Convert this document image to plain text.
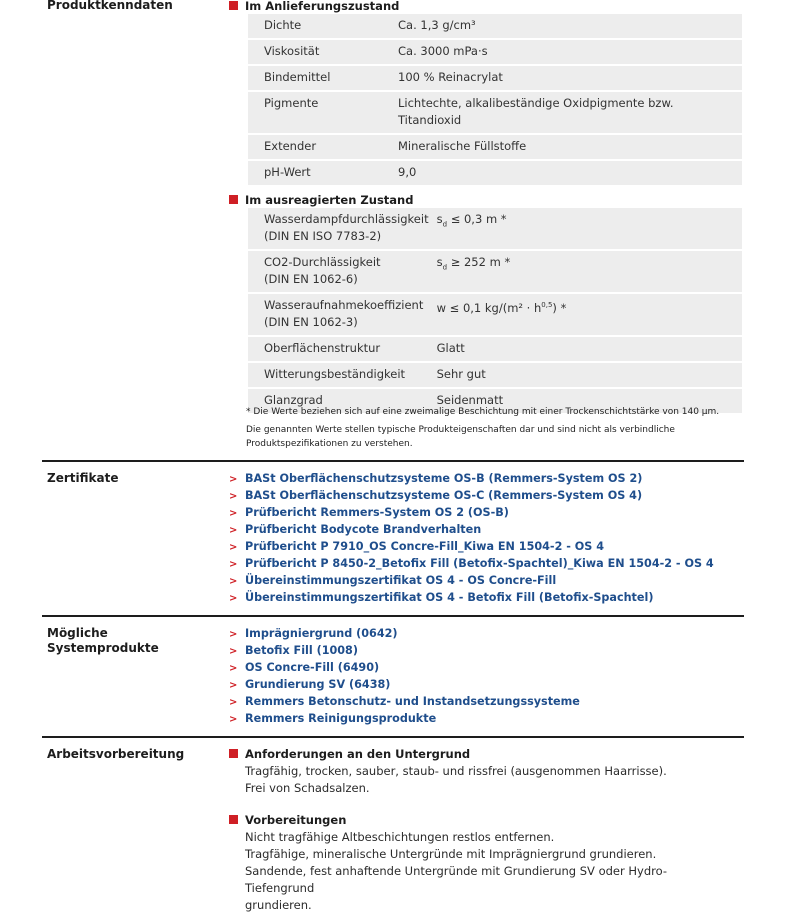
Produktkenndaten	Im Anlieferungszustand
Dichte	Ca. 1,3 g/cm³
Viskosität	Ca. 3000 mPa·s
Bindemittel	100 % Reinacrylat
Pigmente	Lichtechte, alkalibeständige Oxidpigmente bzw. Titandioxid
Extender	Mineralische Füllstoffe
pH-Wert	9,0
Im ausreagierten Zustand
Wasserdampfdurchlässigkeit
(DIN EN ISO 7783-2)	$s_d \le 0,3$ m *
CO2-Durchlässigkeit
(DIN EN 1062-6)	$s_d \ge 252$ m *
Wasseraufnahmekoeffizient
(DIN EN 1062-3)	w ≤ 0,1 $kg/(m^2 \cdot h^{0,5})$ *
Oberflächenstruktur	Glatt
Witterungsbeständigkeit	Sehr gut
Glanzgrad	Seidenmatt
* Die Werte beziehen sich auf eine zweimalige Beschichtung mit einer Trockenschichtstärke von 140 µm.
Die genannten Werte stellen typische Produkteigenschaften dar und sind nicht als verbindliche
Produktspezifikationen zu verstehen.
Zertifikate	> BASt Oberflächenschutzsysteme OS-B (Remmers-System OS 2)
> BASt Oberflächenschutzsysteme OS-C (Remmers-System OS 4)
> Prüfbericht Remmers-System OS 2 (OS-B)
> Prüfbericht Bodycote Brandverhalten
> Prüfbericht P 7910_OS Concre-Fill_Kiwa EN 1504-2 - OS 4
> Prüfbericht P 8450-2_Betofix Fill (Betofix-Spachtel)_Kiwa EN 1504-2 - OS 4
> Übereinstimmungszertifikat OS 4 - OS Concre-Fill
> Übereinstimmungszertifikat OS 4 - Betofix Fill (Betofix-Spachtel)
Mögliche
Systemprodukte
> Imprägniergrund (0642)
> Betofix Fill (1008)
> OS Concre-Fill (6490)
> Grundierung SV (6438)
> Remmers Betonschutz- und Instandsetzungssysteme
> Remmers Reinigungsprodukte
Arbeitsvorbereitung	Anforderungen an den Untergrund
Tragfähig, trocken, sauber, staub- und rissfrei (ausgenommen Haarrisse).
Frei von Schadsalzen.
Vorbereitungen
Nicht tragfähige Altbeschichtungen restlos entfernen.
Tragfähige, mineralische Untergründe mit Imprägniergrund grundieren.
Sandende, fest anhaftende Untergründe mit Grundierung SV oder Hydro-Tiefengrund
grundieren.
